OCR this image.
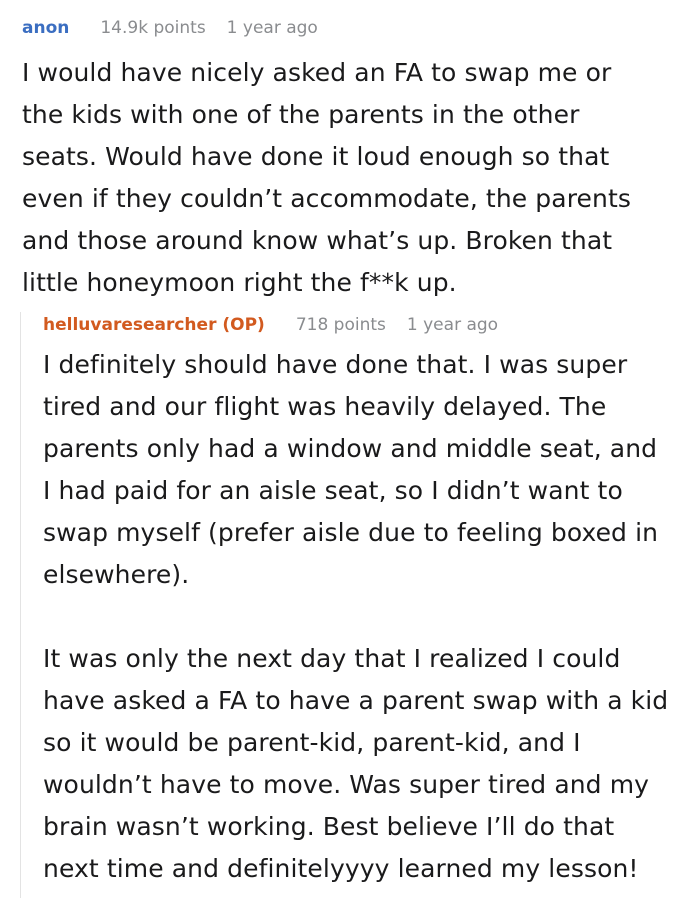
anon 14.9k points 1 year ago

I would have nicely asked an FA to swap me or
the kids with one of the parents in the other
seats. Would have done it loud enough so that
even if they couldn’t accommodate, the parents
and those around know what’s up. Broken that
little honeymoon right the f**k up.

helluvaresearcher (OP) 718 points 1 year ago

I definitely should have done that. I was super
tired and our flight was heavily delayed. The
parents only had a window and middle seat, and
I had paid for an aisle seat, so I didn’t want to
swap myself (prefer aisle due to feeling boxed in
elsewhere).

It was only the next day that I realized I could
have asked a FA to have a parent swap with a kid
so it would be parent-kid, parent-kid, and I
wouldn’t have to move. Was super tired and my
brain wasn’t working. Best believe I’ll do that
next time and definitelyyyy learned my lesson!
